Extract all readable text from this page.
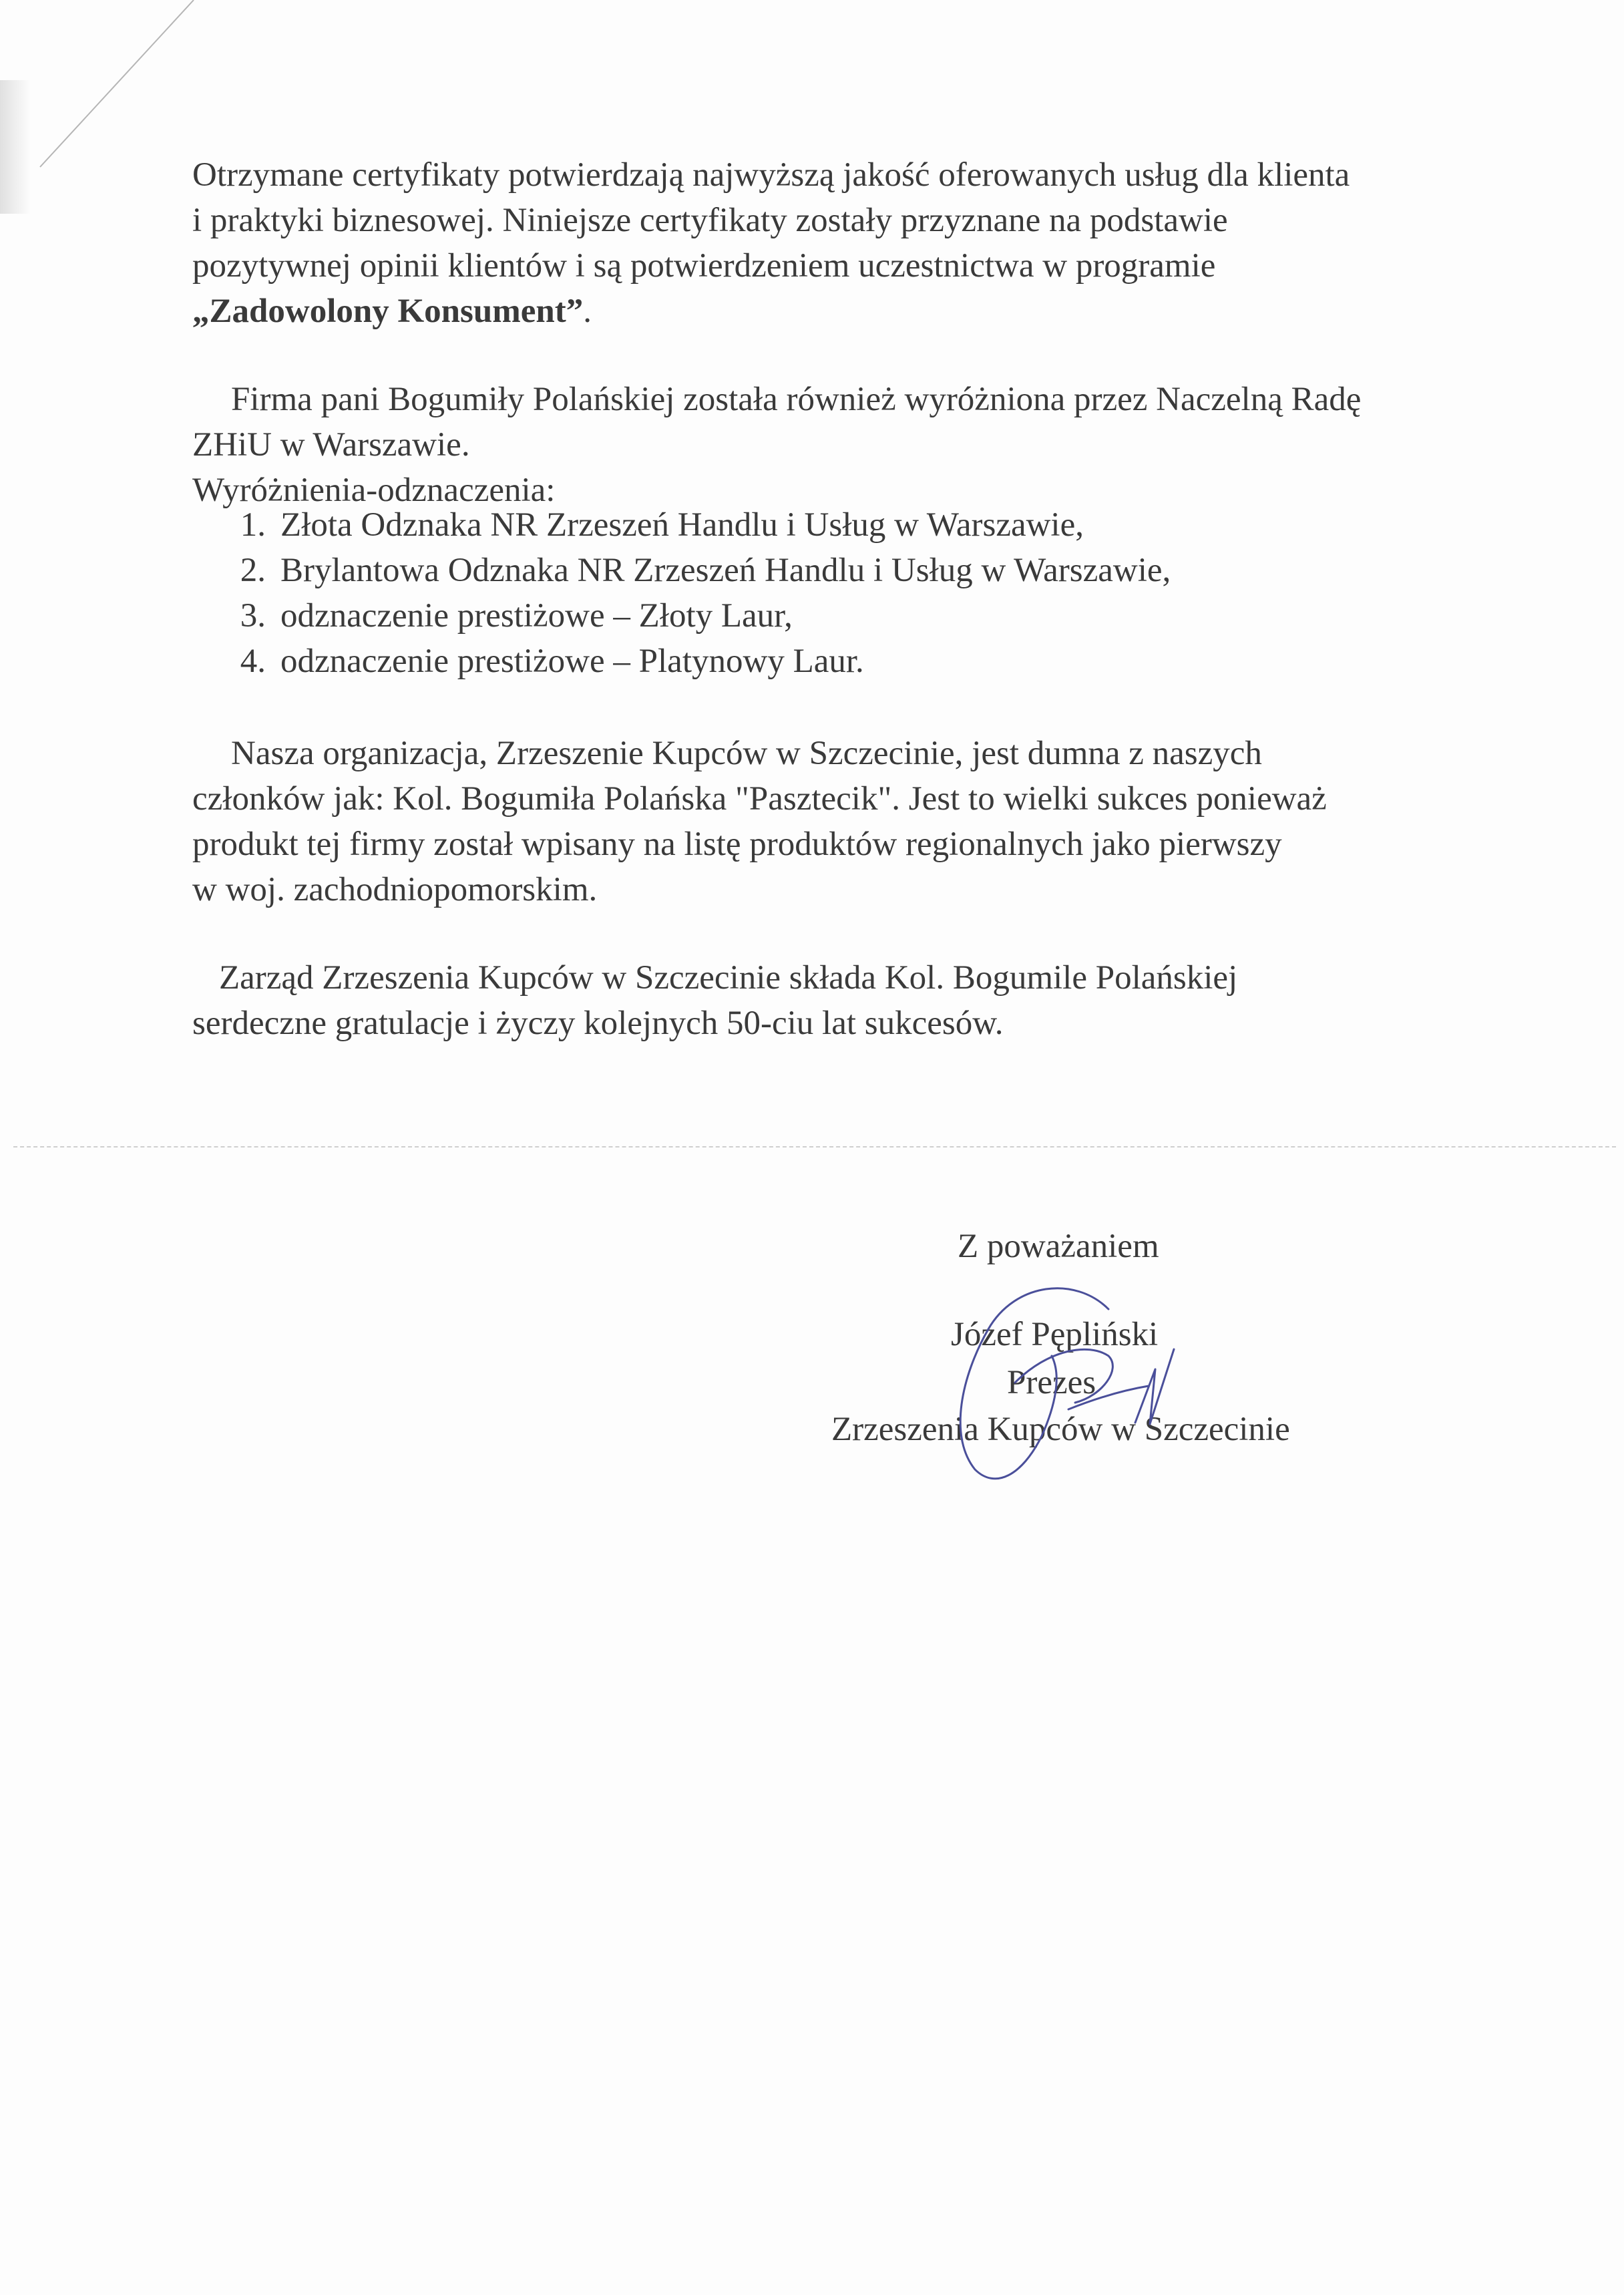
Otrzymane certyfikaty potwierdzają najwyższą jakość oferowanych usług dla klienta
i praktyki biznesowej. Niniejsze certyfikaty zostały przyznane na podstawie
pozytywnej opinii klientów i są potwierdzeniem uczestnictwa w programie
„Zadowolony Konsument”.

Firma pani Bogumiły Polańskiej została również wyróżniona przez Naczelną Radę
ZHiU w Warszawie.
Wyróżnienia-odznaczenia:

1. Złota Odznaka NR Zrzeszeń Handlu i Usług w Warszawie,
2. Brylantowa Odznaka NR Zrzeszeń Handlu i Usług w Warszawie,
3. odznaczenie prestiżowe – Złoty Laur,
4. odznaczenie prestiżowe – Platynowy Laur.

Nasza organizacja, Zrzeszenie Kupców w Szczecinie, jest dumna z naszych
członków jak: Kol. Bogumiła Polańska "Pasztecik". Jest to wielki sukces ponieważ
produkt tej firmy został wpisany na listę produktów regionalnych jako pierwszy
w woj. zachodniopomorskim.

Zarząd Zrzeszenia Kupców w Szczecinie składa Kol. Bogumile Polańskiej
serdeczne gratulacje i życzy kolejnych 50-ciu lat sukcesów.

Z poważaniem

Józef Pępliński

Prezes

Zrzeszenia Kupców w Szczecinie
